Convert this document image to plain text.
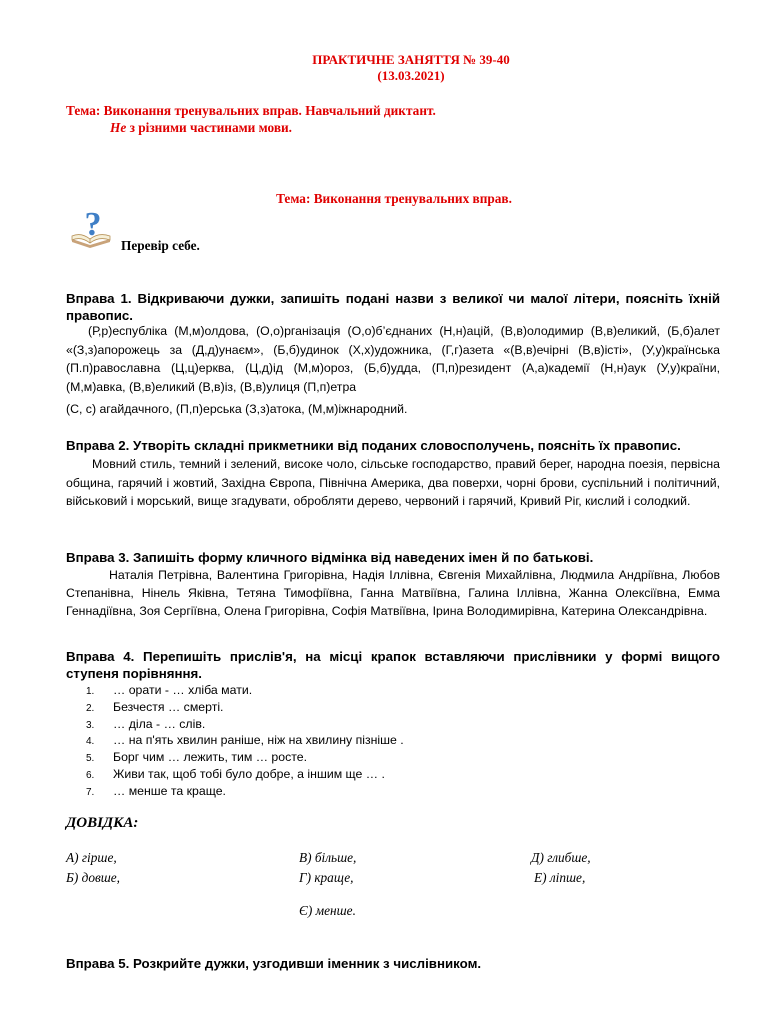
ПРАКТИЧНЕ ЗАНЯТТЯ № 39-40
(13.03.2021)
Тема: Виконання тренувальних вправ. Навчальний диктант.
Не з різними частинами мови.
Тема: Виконання тренувальних вправ.
?
Перевір себе.
Вправа 1. Відкриваючи дужки, запишіть подані назви з великої чи малої літери, поясніть їхній правопис.
(Р,р)еспубліка (М,м)олдова, (О,о)рганізація (О,о)б’єднаних (Н,н)ацій, (В,в)олодимир (В,в)еликий, (Б,б)алет «(З,з)апорожець за (Д,д)унаєм», (Б,б)удинок (Х,х)удожника, (Г,г)азета «(В,в)ечірні (В,в)істі», (У,у)країнська (П.п)равославна (Ц,ц)ерква, (Ц,д)ід (М,м)ороз, (Б,б)удда, (П,п)резидент (А,а)кадемії (Н,н)аук (У,у)країни, (М,м)авка, (В,в)еликий (В,в)із, (В,в)улиця (П,п)етра
(С, с) агайдачного, (П,п)ерська (З,з)атока, (М,м)іжнародний.
Вправа 2. Утворіть складні прикметники від поданих словосполучень, поясніть їх правопис.
Мовний стиль, темний і зелений, високе чоло, сільське господарство, правий берег, народна поезія, первісна община, гарячий і жовтий, Західна Європа, Північна Америка, два поверхи, чорні брови, суспільний і політичний, військовий і морський, вище згадувати, обробляти дерево, червоний і гарячий, Кривий Ріг, кислий і солодкий.
Вправа 3. Запишіть форму кличного відмінка від наведених імен й по батькові.
Наталія Петрівна, Валентина Григорівна, Надія Іллівна, Євгенія Михайлівна, Людмила Андріївна, Любов Степанівна, Нінель Яківна, Тетяна Тимофіївна, Ганна Матвіївна, Галина Іллівна, Жанна Олексіївна, Емма Геннадіївна, Зоя Сергіївна, Олена Григорівна, Софія Матвіївна, Ірина Володимирівна, Катерина Олександрівна.
Вправа 4. Перепишіть прислів'я, на місці крапок вставляючи прислівники у формі вищого ступеня порівняння.
1. … орати - … хліба мати.
2. Безчестя … смерті.
3. … діла - … слів.
4. … на п'ять хвилин раніше, ніж на хвилину пізніше .
5. Борг чим … лежить, тим … росте.
6. Живи так, щоб тобі було добре, а іншим ще … .
7. … менше та краще.
ДОВІДКА:
А) гірше,
Б) довше,
В) більше,
Г) краще,
Д) глибше,
Е) ліпше,
Є) менше.
Вправа 5. Розкрийте дужки, узгодивши іменник з числівником.
